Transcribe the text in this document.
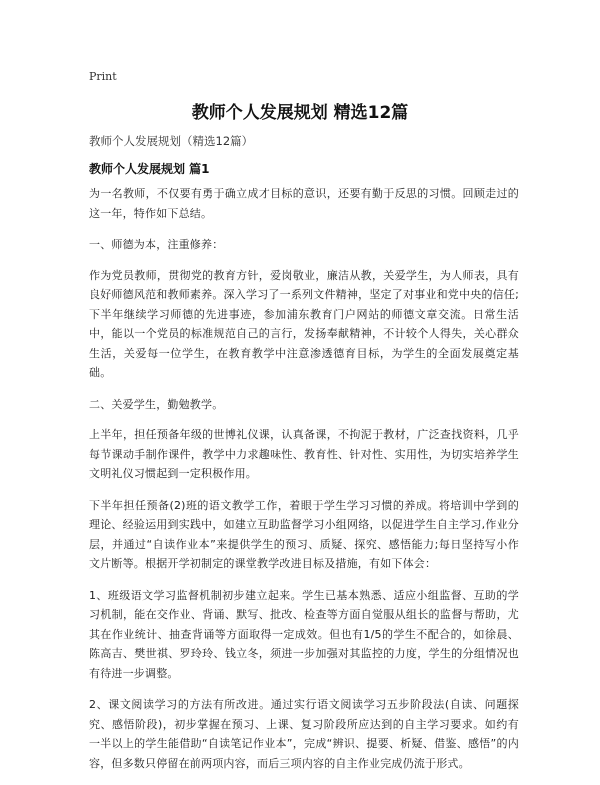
Print
教师个人发展规划 精选12篇
教师个人发展规划（精选12篇）
教师个人发展规划 篇1

为一名教师，不仅要有勇于确立成才目标的意识，还要有勤于反思的习惯。回顾走过的这一年，特作如下总结。

一、师德为本，注重修养：

作为党员教师，贯彻党的教育方针，爱岗敬业，廉洁从教，关爱学生，为人师表，具有良好师德风范和教师素养。深入学习了一系列文件精神，坚定了对事业和党中央的信任;下半年继续学习师德的先进事迹，参加浦东教育门户网站的师德文章交流。日常生活中，能以一个党员的标准规范自己的言行，发扬奉献精神，不计较个人得失，关心群众生活，关爱每一位学生，在教育教学中注意渗透德育目标，为学生的全面发展奠定基础。

二、关爱学生，勤勉教学。

上半年，担任预备年级的世博礼仪课，认真备课，不拘泥于教材，广泛查找资料，几乎每节课动手制作课件，教学中力求趣味性、教育性、针对性、实用性，为切实培养学生文明礼仪习惯起到一定积极作用。

下半年担任预备(2)班的语文教学工作，着眼于学生学习习惯的养成。将培训中学到的理论、经验运用到实践中，如建立互助监督学习小组网络，以促进学生自主学习,作业分层，并通过“自读作业本”来提供学生的预习、质疑、探究、感悟能力;每日坚持写小作文片断等。根据开学初制定的课堂教学改进目标及措施，有如下体会：

1、班级语文学习监督机制初步建立起来。学生已基本熟悉、适应小组监督、互助的学习机制，能在交作业、背诵、默写、批改、检查等方面自觉服从组长的监督与帮助，尤其在作业统计、抽查背诵等方面取得一定成效。但也有1/5的学生不配合的，如徐晨、陈高吉、樊世祺、罗玲玲、钱立冬，须进一步加强对其监控的力度，学生的分组情况也有待进一步调整。

2、课文阅读学习的方法有所改进。通过实行语文阅读学习五步阶段法(自读、问题探究、感悟阶段)，初步掌握在预习、上课、复习阶段所应达到的自主学习要求。如约有一半以上的学生能借助“自读笔记作业本”，完成“辨识、提要、析疑、借鉴、感悟”的内容，但多数只停留在前两项内容，而后三项内容的自主作业完成仍流于形式。
